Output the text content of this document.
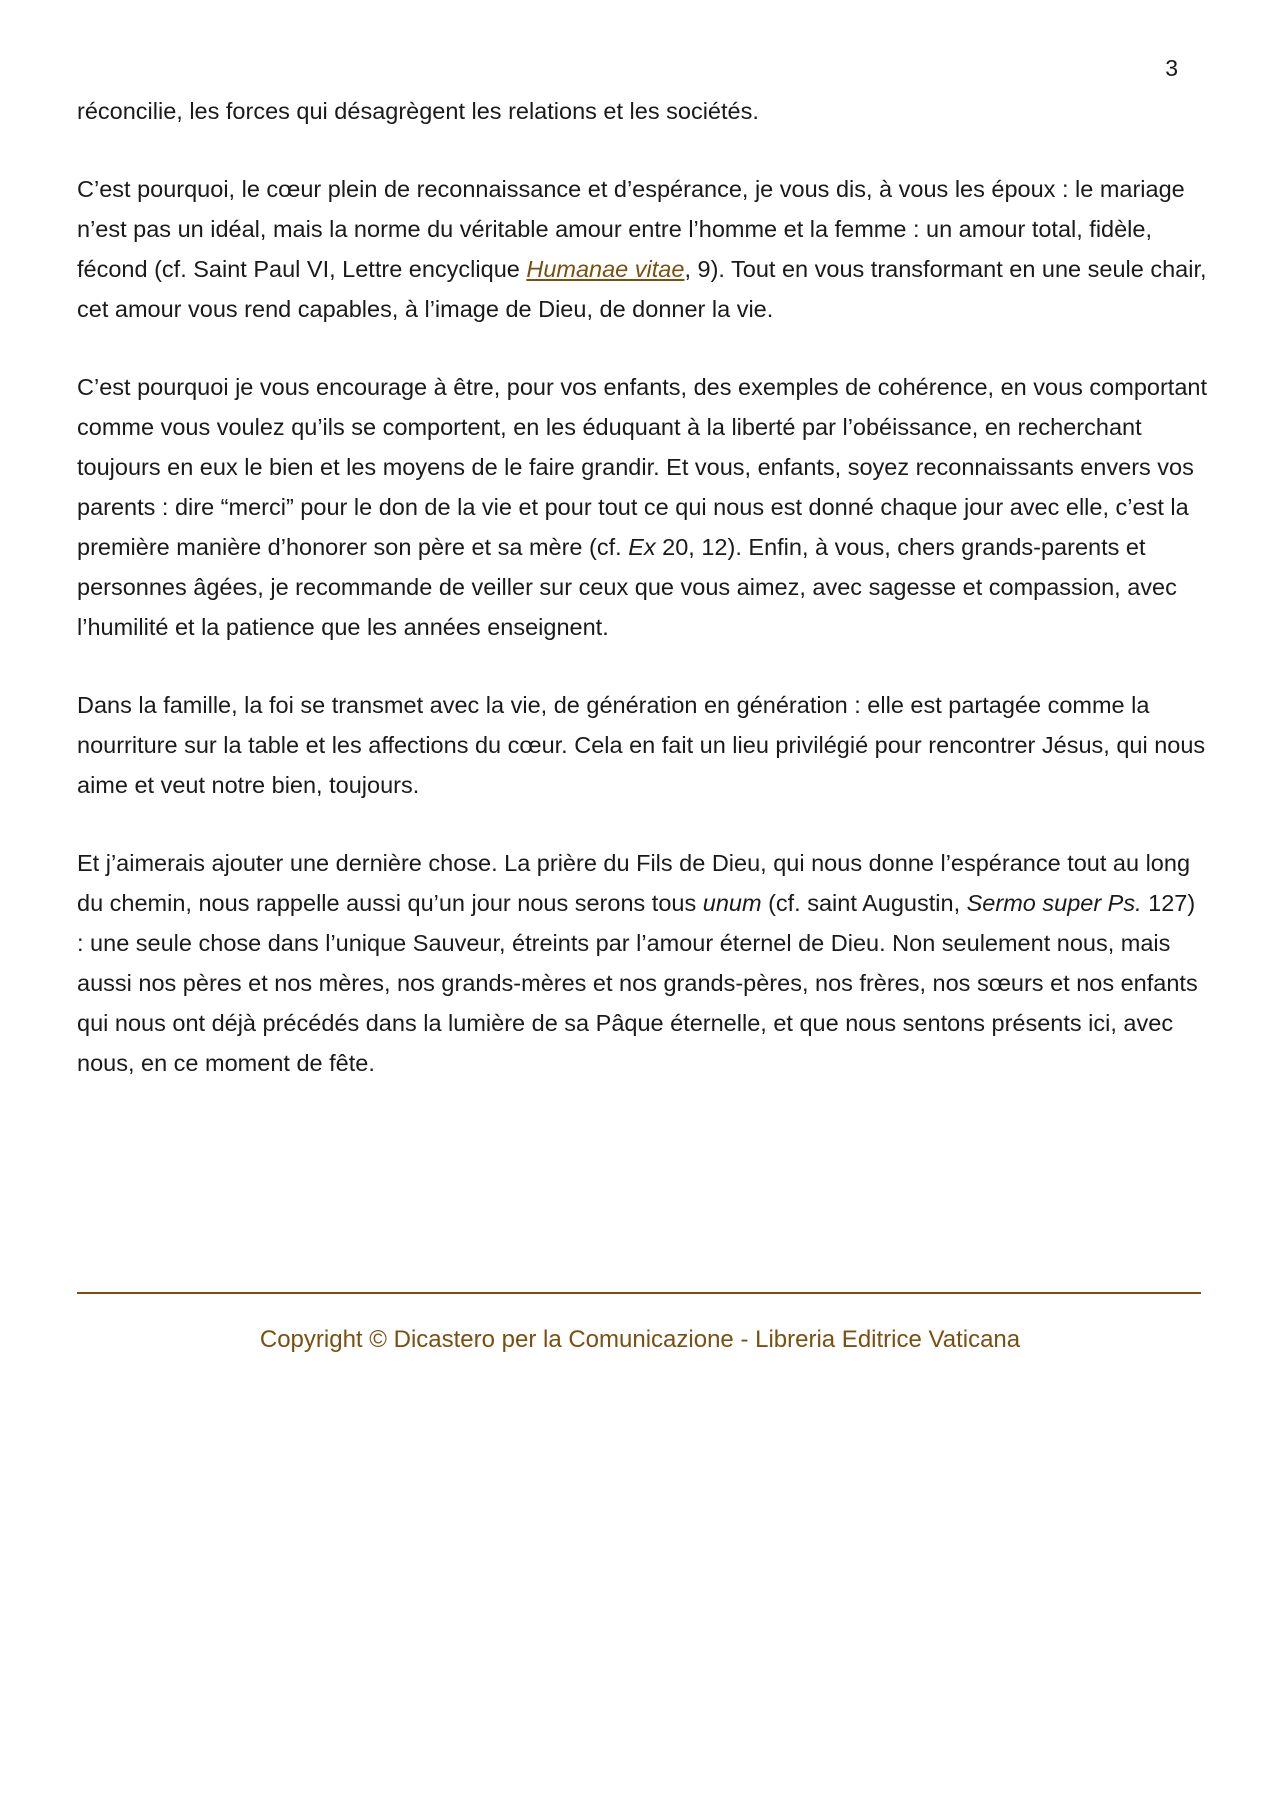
3

réconcilie, les forces qui désagrègent les relations et les sociétés.

C’est pourquoi, le cœur plein de reconnaissance et d’espérance, je vous dis, à vous les époux : le mariage n’est pas un idéal, mais la norme du véritable amour entre l’homme et la femme : un amour total, fidèle, fécond (cf. Saint Paul VI, Lettre encyclique Humanae vitae, 9). Tout en vous transformant en une seule chair, cet amour vous rend capables, à l’image de Dieu, de donner la vie.

C’est pourquoi je vous encourage à être, pour vos enfants, des exemples de cohérence, en vous comportant comme vous voulez qu’ils se comportent, en les éduquant à la liberté par l’obéissance, en recherchant toujours en eux le bien et les moyens de le faire grandir. Et vous, enfants, soyez reconnaissants envers vos parents : dire “merci” pour le don de la vie et pour tout ce qui nous est donné chaque jour avec elle, c’est la première manière d’honorer son père et sa mère (cf. Ex 20, 12). Enfin, à vous, chers grands-parents et personnes âgées, je recommande de veiller sur ceux que vous aimez, avec sagesse et compassion, avec l’humilité et la patience que les années enseignent.

Dans la famille, la foi se transmet avec la vie, de génération en génération : elle est partagée comme la nourriture sur la table et les affections du cœur. Cela en fait un lieu privilégié pour rencontrer Jésus, qui nous aime et veut notre bien, toujours.

Et j’aimerais ajouter une dernière chose. La prière du Fils de Dieu, qui nous donne l’espérance tout au long du chemin, nous rappelle aussi qu’un jour nous serons tous unum (cf. saint Augustin, Sermo super Ps. 127) : une seule chose dans l’unique Sauveur, étreints par l’amour éternel de Dieu. Non seulement nous, mais aussi nos pères et nos mères, nos grands-mères et nos grands-pères, nos frères, nos sœurs et nos enfants qui nous ont déjà précédés dans la lumière de sa Pâque éternelle, et que nous sentons présents ici, avec nous, en ce moment de fête.

Copyright © Dicastero per la Comunicazione - Libreria Editrice Vaticana
